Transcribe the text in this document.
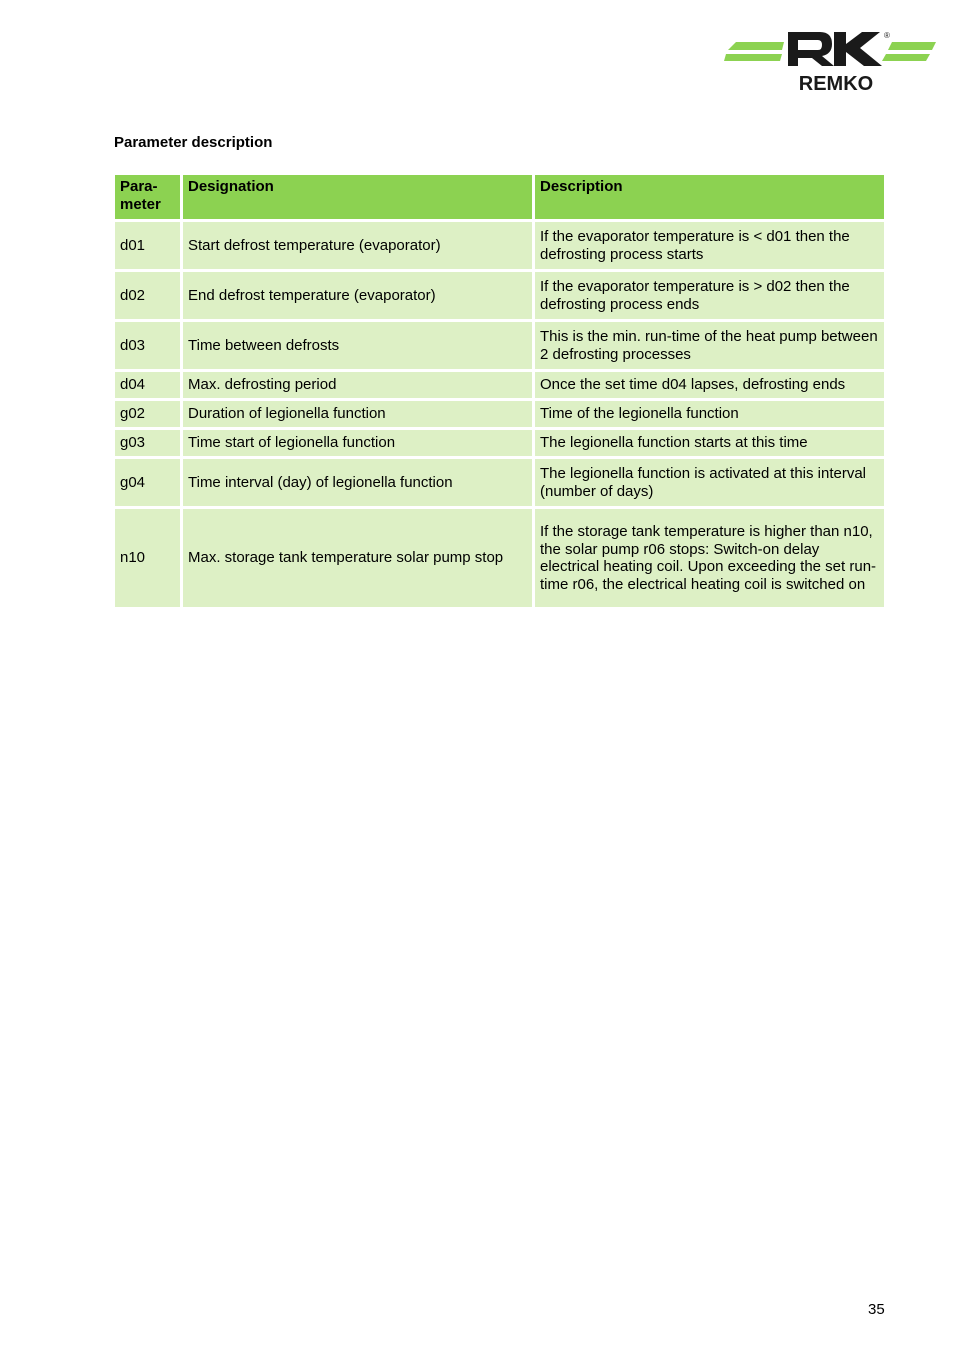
REMKO
®
Parameter description
Para-
meter	Designation	Description
d01	Start defrost temperature (evaporator)	If the evaporator temperature is < d01 then the defrosting process starts
d02	End defrost temperature (evaporator)	If the evaporator temperature is > d02 then the defrosting process ends
d03	Time between defrosts	This is the min. run-time of the heat pump between 2 defrosting processes
d04	Max. defrosting period	Once the set time d04 lapses, defrosting ends
g02	Duration of legionella function	Time of the legionella function
g03	Time start of legionella function	The legionella function starts at this time
g04	Time interval (day) of legionella function	The legionella function is activated at this interval (number of days)
n10	Max. storage tank temperature solar pump stop	If the storage tank temperature is higher than n10, the solar pump r06 stops: Switch-on delay electrical heating coil. Upon exceeding the set run-time r06, the electrical heating coil is switched on
35
